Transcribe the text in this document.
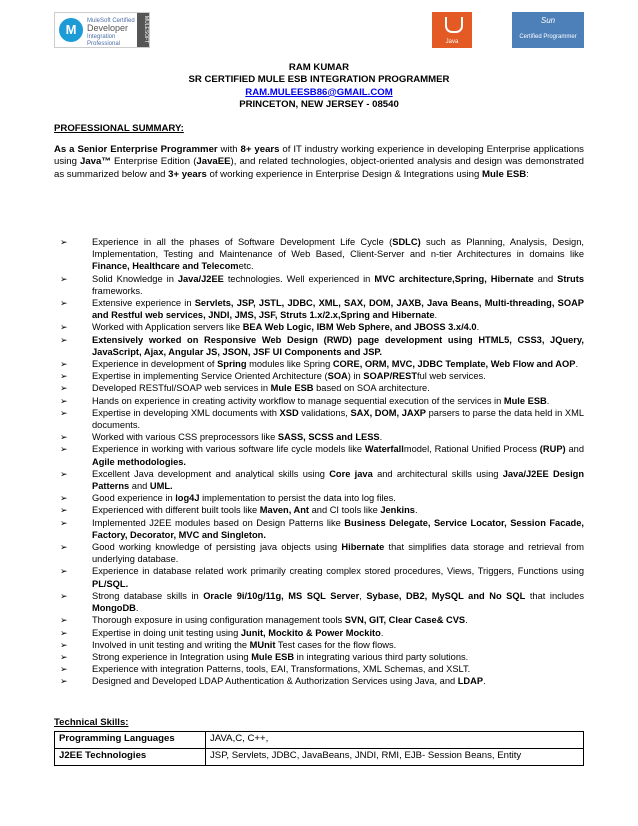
M
MuleSoft Certified
Developer
Integration Professional
MULESOFT	Java
Sun
Certified Programmer
RAM KUMAR
SR CERTIFIED MULE ESB INTEGRATION PROGRAMMER
RAM.MULEESB86@GMAIL.COM
PRINCETON, NEW JERSEY - 08540
PROFESSIONAL SUMMARY:
As a Senior Enterprise Programmer with 8+ years of IT industry working experience in developing Enterprise applications using Java™ Enterprise Edition (JavaEE), and related technologies, object-oriented analysis and design was demonstrated as summarized below and 3+ years of working experience in Enterprise Design & Integrations using Mule ESB:
➢	Experience in all the phases of Software Development Life Cycle (SDLC) such as Planning, Analysis, Design, Implementation, Testing and Maintenance of Web Based, Client-Server and n-tier Architectures in domains like Finance, Healthcare and Telecometc.
➢	Solid Knowledge in Java/J2EE technologies. Well experienced in MVC architecture,Spring, Hibernate and Struts frameworks.
➢	Extensive experience in Servlets, JSP, JSTL, JDBC, XML, SAX, DOM, JAXB, Java Beans, Multi-threading, SOAP and Restful web services, JNDI, JMS, JSF, Struts 1.x/2.x,Spring and Hibernate.
➢	Worked with Application servers like BEA Web Logic, IBM Web Sphere, and JBOSS 3.x/4.0.
➢	Extensively worked on Responsive Web Design (RWD) page development using HTML5, CSS3, JQuery, JavaScript, Ajax, Angular JS, JSON, JSF UI Components and JSP.
➢	Experience in development of Spring modules like Spring CORE, ORM, MVC, JDBC Template, Web Flow and AOP.
➢	Expertise in implementing Service Oriented Architecture (SOA) in SOAP/RESTful web services.
➢	Developed RESTful/SOAP web services in Mule ESB based on SOA architecture.
➢	Hands on experience in creating activity workflow to manage sequential execution of the services in Mule ESB.
➢	Expertise in developing XML documents with XSD validations, SAX, DOM, JAXP parsers to parse the data held in XML documents.
➢	Worked with various CSS preprocessors like SASS, SCSS and LESS.
➢	Experience in working with various software life cycle models like Waterfallmodel, Rational Unified Process (RUP) and Agile methodologies.
➢	Excellent Java development and analytical skills using Core java and architectural skills using Java/J2EE Design Patterns and UML.
➢	Good experience in log4J implementation to persist the data into log files.
➢	Experienced with different built tools like Maven, Ant and CI tools like Jenkins.
➢	Implemented J2EE modules based on Design Patterns like Business Delegate, Service Locator, Session Facade, Factory, Decorator, MVC and Singleton.
➢	Good working knowledge of persisting java objects using Hibernate that simplifies data storage and retrieval from underlying database.
➢	Experience in database related work primarily creating complex stored procedures, Views, Triggers, Functions using PL/SQL.
➢	Strong database skills in Oracle 9i/10g/11g, MS SQL Server, Sybase, DB2, MySQL and No SQL that includes MongoDB.
➢	Thorough exposure in using configuration management tools SVN, GIT, Clear Case& CVS.
➢	Expertise in doing unit testing using Junit, Mockito & Power Mockito.
➢	Involved in unit testing and writing the MUnit Test cases for the flow flows.
➢	Strong experience in Integration using Mule ESB in integrating various third party solutions.
➢	Experience with integration Patterns, tools, EAI, Transformations, XML Schemas, and XSLT.
➢	Designed and Developed LDAP Authentication & Authorization Services using Java, and LDAP.
Technical Skills:
Programming Languages	JAVA,C, C++,
J2EE Technologies	JSP, Servlets, JDBC, JavaBeans, JNDI, RMI, EJB- Session Beans, Entity
